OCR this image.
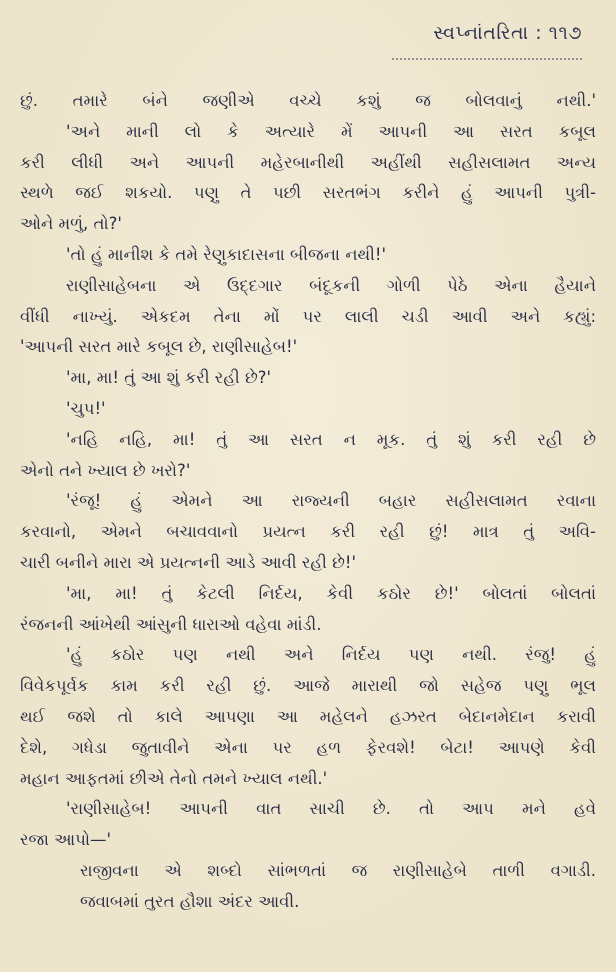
સ્વપ્નાંતરિતા : ૧૧૭
છું. તમારે બંને જણીએ વચ્ચે કશું જ બોલવાનું નથી.'
'અને માની લો કે અત્યારે મેં આપની આ સરત કબૂલ
કરી લીધી અને આપની મહેરબાનીથી અહીંથી સહીસલામત અન્ય
સ્થળે જઈ શકયો. પણુ તે પછી સરતભંગ કરીને હું આપની પુત્રી-
ઓને મળું, તો?'
'તો હું માનીશ કે તમે રેણુકાદાસના બીજના નથી!'
રાણીસાહેબના એ ઉદ્દગાર બંદૂકની ગોળી પેઠે એના હૈયાને
વીંધી નાખ્યું. એકદમ તેના મોં પર લાલી ચડી આવી અને કહ્યું:
'આપની સરત મારે કબૂલ છે, રાણીસાહેબ!'
'મા, મા! તું આ શું કરી રહી છે?'
'ચુપ!'
'નહિ નહિ, મા! તું આ સરત ન મૂક. તું શું કરી રહી છે
એનો તને ખ્યાલ છે ખરો?'
'રંજૂ! હું એમને આ રાજ્યની બહાર સહીસલામત રવાના
કરવાનો, એમને બચાવવાનો પ્રયત્ન કરી રહી છું! માત્ર તું અવિ-
ચારી બનીને મારા એ પ્રયત્નની આડે આવી રહી છે!'
'મા, મા! તું કેટલી નિર્દય, કેવી કઠોર છે!' બોલતાં બોલતાં
રંજનની આંખેથી આંસુની ધારાઓ વહેવા માંડી.
'હું કઠોર પણ નથી અને નિર્દય પણ નથી. રંજુ! હું
વિવેકપૂર્વક કામ કરી રહી છું. આજે મારાથી જો સહેજ પણુ ભૂલ
થઈ જશે તો કાલે આપણા આ મહેલને હઝરત બેદાનમેદાન કરાવી
દેશે, ગધેડા જુતાવીને એના પર હળ ફેરવશે! બેટા! આપણે કેવી
મહાન આફતમાં છીએ તેનો તમને ખ્યાલ નથી.'
'રાણીસાહેબ! આપની વાત સાચી છે. તો આપ મને હવે
રજા આપો—'
રાજીવના એ શબ્દો સાંભળતાં જ રાણીસાહેબે તાળી વગાડી.
જવાબમાં તુરત હૌશા અંદર આવી.
